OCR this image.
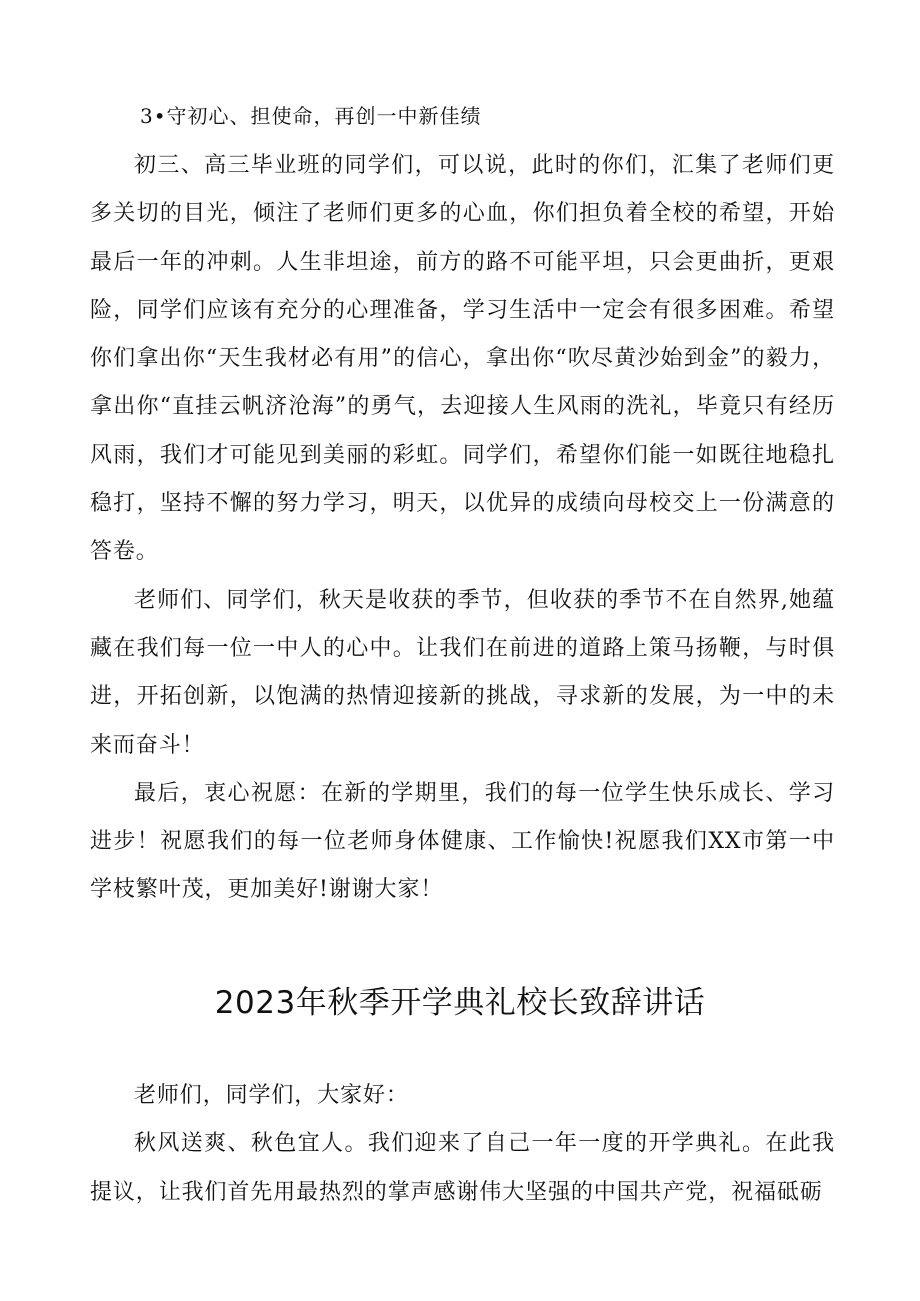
3•守初心、担使命，再创一中新佳绩

初三、高三毕业班的同学们，可以说，此时的你们，汇集了老师们更多关切的目光，倾注了老师们更多的心血，你们担负着全校的希望，开始最后一年的冲刺。人生非坦途，前方的路不可能平坦，只会更曲折，更艰险，同学们应该有充分的心理准备，学习生活中一定会有很多困难。希望你们拿出你“天生我材必有用”的信心，拿出你“吹尽黄沙始到金”的毅力，拿出你“直挂云帆济沧海”的勇气，去迎接人生风雨的洗礼，毕竟只有经历风雨，我们才可能见到美丽的彩虹。同学们，希望你们能一如既往地稳扎稳打，坚持不懈的努力学习，明天，以优异的成绩向母校交上一份满意的答卷。

老师们、同学们，秋天是收获的季节，但收获的季节不在自然界,她蕴藏在我们每一位一中人的心中。让我们在前进的道路上策马扬鞭，与时俱进，开拓创新，以饱满的热情迎接新的挑战，寻求新的发展，为一中的未来而奋斗！

最后，衷心祝愿：在新的学期里，我们的每一位学生快乐成长、学习进步！祝愿我们的每一位老师身体健康、工作愉快!祝愿我们XX市第一中学枝繁叶茂，更加美好!谢谢大家！

2023年秋季开学典礼校长致辞讲话

老师们，同学们，大家好：

秋风送爽、秋色宜人。我们迎来了自己一年一度的开学典礼。在此我提议，让我们首先用最热烈的掌声感谢伟大坚强的中国共产党，祝福砥砺
